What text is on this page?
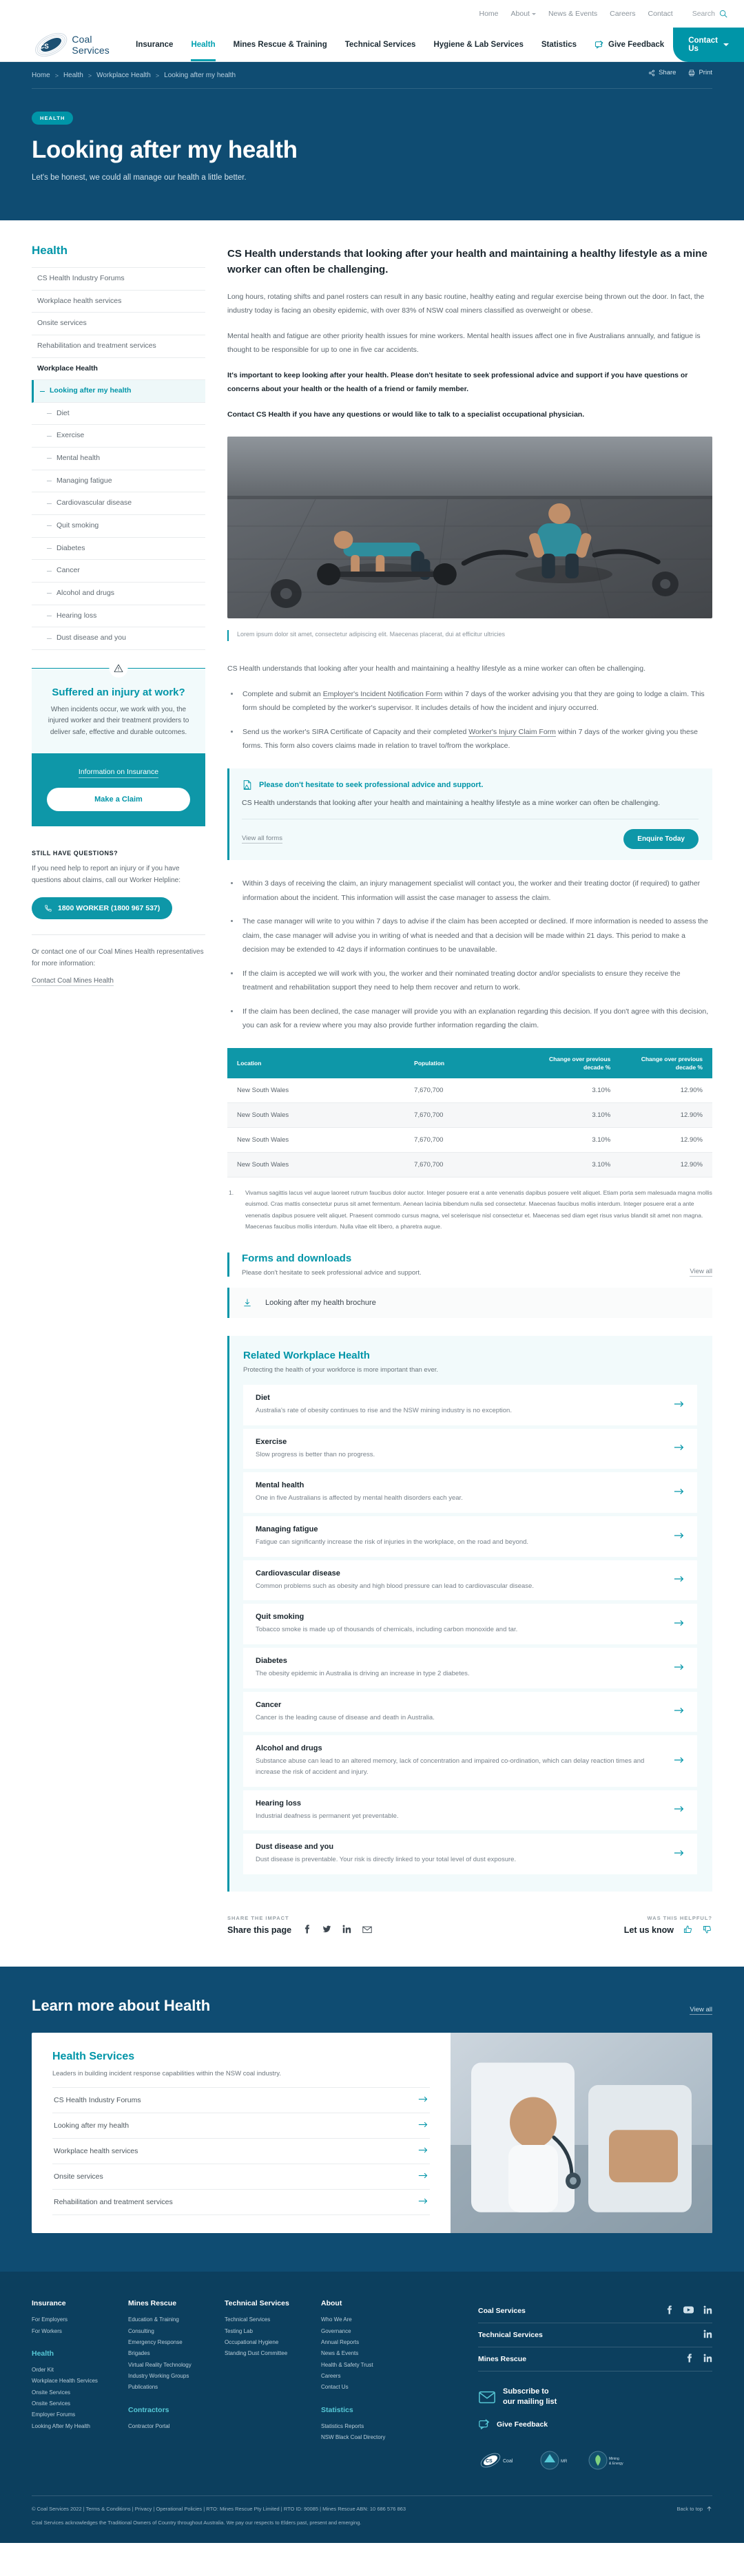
Home About	News & Events Careers Contact	Search
CS
Coal Services	Insurance Health Mines Rescue & Training Technical Services Hygiene & Lab Services Statistics	Give Feedback	Contact Us
Share	Print
Home > Health > Workplace Health > Looking after my health
HEALTH
Looking after my health
Let's be honest, we could all manage our health a little better.
Health
CS Health Industry Forums
Workplace health services
Onsite services
Rehabilitation and treatment services
Workplace Health
Looking after my health
Diet
Exercise
Mental health
Managing fatigue
Cardiovascular disease
Quit smoking
Diabetes
Cancer
Alcohol and drugs
Hearing loss
Dust disease and you
Suffered an injury at work?
When incidents occur, we work with you, the injured worker and their treatment providers to deliver safe, effective and durable outcomes.
Information on Insurance
Make a Claim
STILL HAVE QUESTIONS?
If you need help to report an injury or if you have questions about claims, call our Worker Helpline:
1800 WORKER (1800 967 537)
Or contact one of our Coal Mines Health representatives for more information:
Contact Coal Mines Health
CS Health understands that looking after your health and maintaining a healthy lifestyle as a mine worker can often be challenging.

Long hours, rotating shifts and panel rosters can result in any basic routine, healthy eating and regular exercise being thrown out the door. In fact, the industry today is facing an obesity epidemic, with over 83% of NSW coal miners classified as overweight or obese.

Mental health and fatigue are other priority health issues for mine workers. Mental health issues affect one in five Australians annually, and fatigue is thought to be responsible for up to one in five car accidents.

It's important to keep looking after your health. Please don't hesitate to seek professional advice and support if you have questions or concerns about your health or the health of a friend or family member.

Contact CS Health if you have any questions or would like to talk to a specialist occupational physician.

Lorem ipsum dolor sit amet, consectetur adipiscing elit. Maecenas placerat, dui at efficitur ultricies

CS Health understands that looking after your health and maintaining a healthy lifestyle as a mine worker can often be challenging.

Complete and submit an Employer's Incident Notification Form within 7 days of the worker advising you that they are going to lodge a claim. This form should be completed by the worker's supervisor. It includes details of how the incident and injury occurred.
Send us the worker's SIRA Certificate of Capacity and their completed Worker's Injury Claim Form within 7 days of the worker giving you these forms. This form also covers claims made in relation to travel to/from the workplace.
Please don't hesitate to seek professional advice and support.
CS Health understands that looking after your health and maintaining a healthy lifestyle as a mine worker can often be challenging.
View all forms	Enquire Today
Within 3 days of receiving the claim, an injury management specialist will contact you, the worker and their treating doctor (if required) to gather information about the incident. This information will assist the case manager to assess the claim.
The case manager will write to you within 7 days to advise if the claim has been accepted or declined. If more information is needed to assess the claim, the case manager will advise you in writing of what is needed and that a decision will be made within 21 days. This period to make a decision may be extended to 42 days if information continues to be unavailable.
If the claim is accepted we will work with you, the worker and their nominated treating doctor and/or specialists to ensure they receive the treatment and rehabilitation support they need to help them recover and return to work.
If the claim has been declined, the case manager will provide you with an explanation regarding this decision. If you don't agree with this decision, you can ask for a review where you may also provide further information regarding the claim.
Location	Population	Change over previous decade %	Change over previous decade %
New South Wales	7,670,700	3.10%	12.90%
New South Wales	7,670,700	3.10%	12.90%
New South Wales	7,670,700	3.10%	12.90%
New South Wales	7,670,700	3.10%	12.90%
Vivamus sagittis lacus vel augue laoreet rutrum faucibus dolor auctor. Integer posuere erat a ante venenatis dapibus posuere velit aliquet. Etiam porta sem malesuada magna mollis euismod. Cras mattis consectetur purus sit amet fermentum. Aenean lacinia bibendum nulla sed consectetur. Maecenas faucibus mollis interdum. Integer posuere erat a ante venenatis dapibus posuere velit aliquet. Praesent commodo cursus magna, vel scelerisque nisl consectetur et. Maecenas sed diam eget risus varius blandit sit amet non magna. Maecenas faucibus mollis interdum. Nulla vitae elit libero, a pharetra augue.
Forms and downloads
Please don't hesitate to seek professional advice and support.	View all
Looking after my health brochure
Related Workplace Health
Protecting the health of your workforce is more important than ever.
Diet
Australia's rate of obesity continues to rise and the NSW mining industry is no exception.
Exercise
Slow progress is better than no progress.
Mental health
One in five Australians is affected by mental health disorders each year.
Managing fatigue
Fatigue can significantly increase the risk of injuries in the workplace, on the road and beyond.
Cardiovascular disease
Common problems such as obesity and high blood pressure can lead to cardiovascular disease.
Quit smoking
Tobacco smoke is made up of thousands of chemicals, including carbon monoxide and tar.
Diabetes
The obesity epidemic in Australia is driving an increase in type 2 diabetes.
Cancer
Cancer is the leading cause of disease and death in Australia.
Alcohol and drugs
Substance abuse can lead to an altered memory, lack of concentration and impaired co-ordination, which can delay reaction times and increase the risk of accident and injury.
Hearing loss
Industrial deafness is permanent yet preventable.
Dust disease and you
Dust disease is preventable. Your risk is directly linked to your total level of dust exposure.
SHARE THE IMPACT
Share this page
WAS THIS HELPFUL?
Let us know
Learn more about Health	View all
Health Services
Leaders in building incident response capabilities within the NSW coal industry.
CS Health Industry Forums
Looking after my health
Workplace health services
Onsite services
Rehabilitation and treatment services
Insurance
For Employers
For Workers
Health
Order Kit
Workplace Health Services
Onsite Services
Onsite Services
Employer Forums
Looking After My Health
Mines Rescue
Education & Training
Consulting
Emergency Response
Brigades
Virtual Reality Technology
Industry Working Groups
Publications
Contractors
Contractor Portal
Technical Services
Technical Services
Testing Lab
Occupational Hygiene
Standing Dust Committee
About
Who We Are
Governance
Annual Reports
News & Events
Health & Safety Trust
Careers
Contact Us
Statistics
Statistics Reports
NSW Black Coal Directory
Coal Services
Technical Services
Mines Rescue
Subscribe to
our mailing list
Give Feedback
CS Coal	MR
Mining
& Energy
© Coal Services 2022 | Terms & Conditions | Privacy | Operational Policies | RTO: Mines Rescue Pty Limited | RTO ID: 90085 | Mines Rescue ABN: 10 686 576 863	Back to top
Coal Services acknowledges the Traditional Owners of Country throughout Australia. We pay our respects to Elders past, present and emerging.
